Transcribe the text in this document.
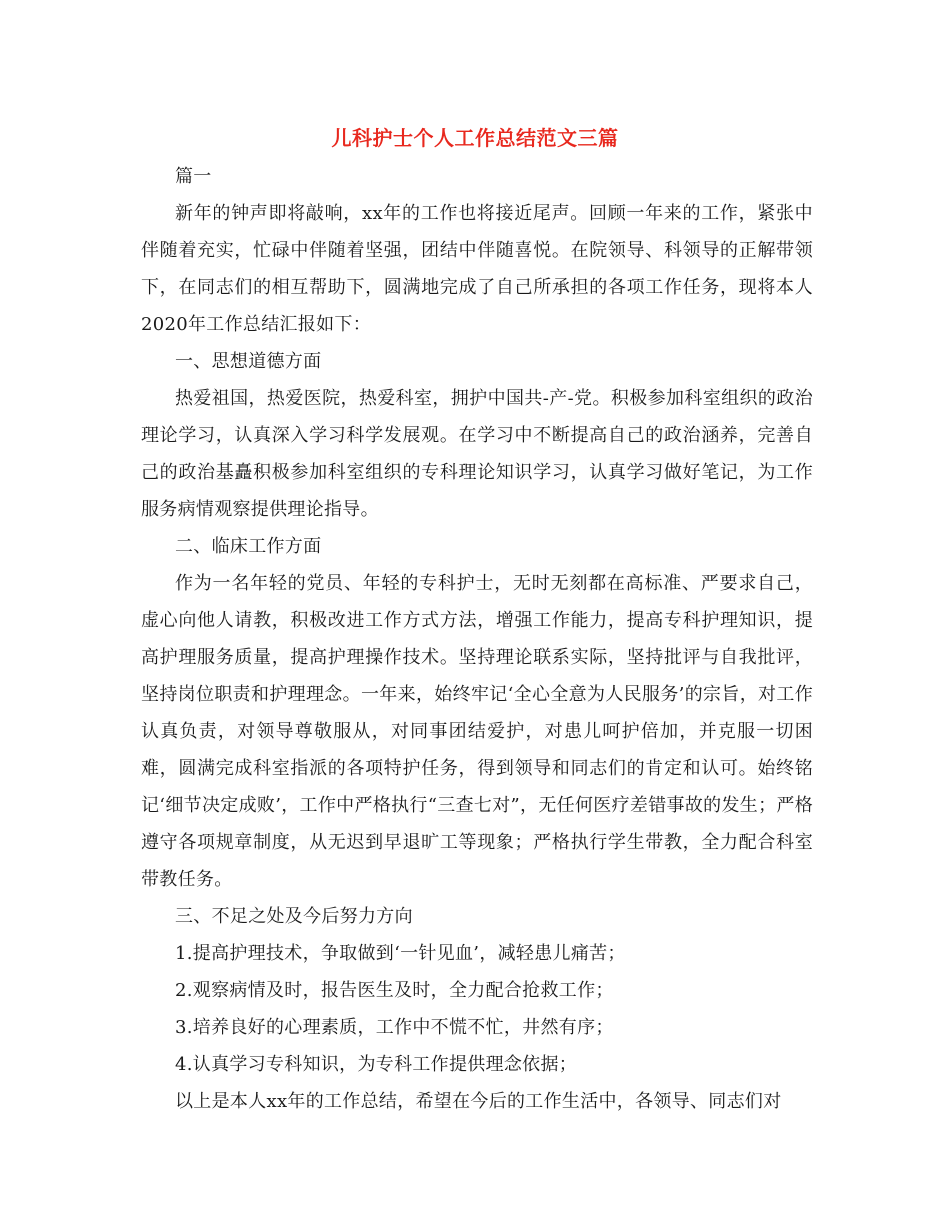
儿科护士个人工作总结范文三篇

篇一

新年的钟声即将敲响，xx年的工作也将接近尾声。回顾一年来的工作，紧张中伴随着充实，忙碌中伴随着坚强，团结中伴随喜悦。在院领导、科领导的正解带领下，在同志们的相互帮助下，圆满地完成了自己所承担的各项工作任务，现将本人2020年工作总结汇报如下：

一、思想道德方面

热爱祖国，热爱医院，热爱科室，拥护中国共-产-党。积极参加科室组织的政治理论学习，认真深入学习科学发展观。在学习中不断提高自己的政治涵养，完善自己的政治基矗积极参加科室组织的专科理论知识学习，认真学习做好笔记，为工作服务病情观察提供理论指导。

二、临床工作方面

作为一名年轻的党员、年轻的专科护士，无时无刻都在高标准、严要求自己，虚心向他人请教，积极改进工作方式方法，增强工作能力，提高专科护理知识，提高护理服务质量，提高护理操作技术。坚持理论联系实际，坚持批评与自我批评，坚持岗位职责和护理理念。一年来，始终牢记‘全心全意为人民服务’的宗旨，对工作认真负责，对领导尊敬服从，对同事团结爱护，对患儿呵护倍加，并克服一切困难，圆满完成科室指派的各项特护任务，得到领导和同志们的肯定和认可。始终铭记‘细节决定成败’，工作中严格执行“三查七对”，无任何医疗差错事故的发生；严格遵守各项规章制度，从无迟到早退旷工等现象；严格执行学生带教，全力配合科室带教任务。

三、不足之处及今后努力方向

1.提高护理技术，争取做到‘一针见血’，减轻患儿痛苦；

2.观察病情及时，报告医生及时，全力配合抢救工作；

3.培养良好的心理素质，工作中不慌不忙，井然有序；

4.认真学习专科知识，为专科工作提供理念依据；

以上是本人xx年的工作总结，希望在今后的工作生活中，各领导、同志们对
